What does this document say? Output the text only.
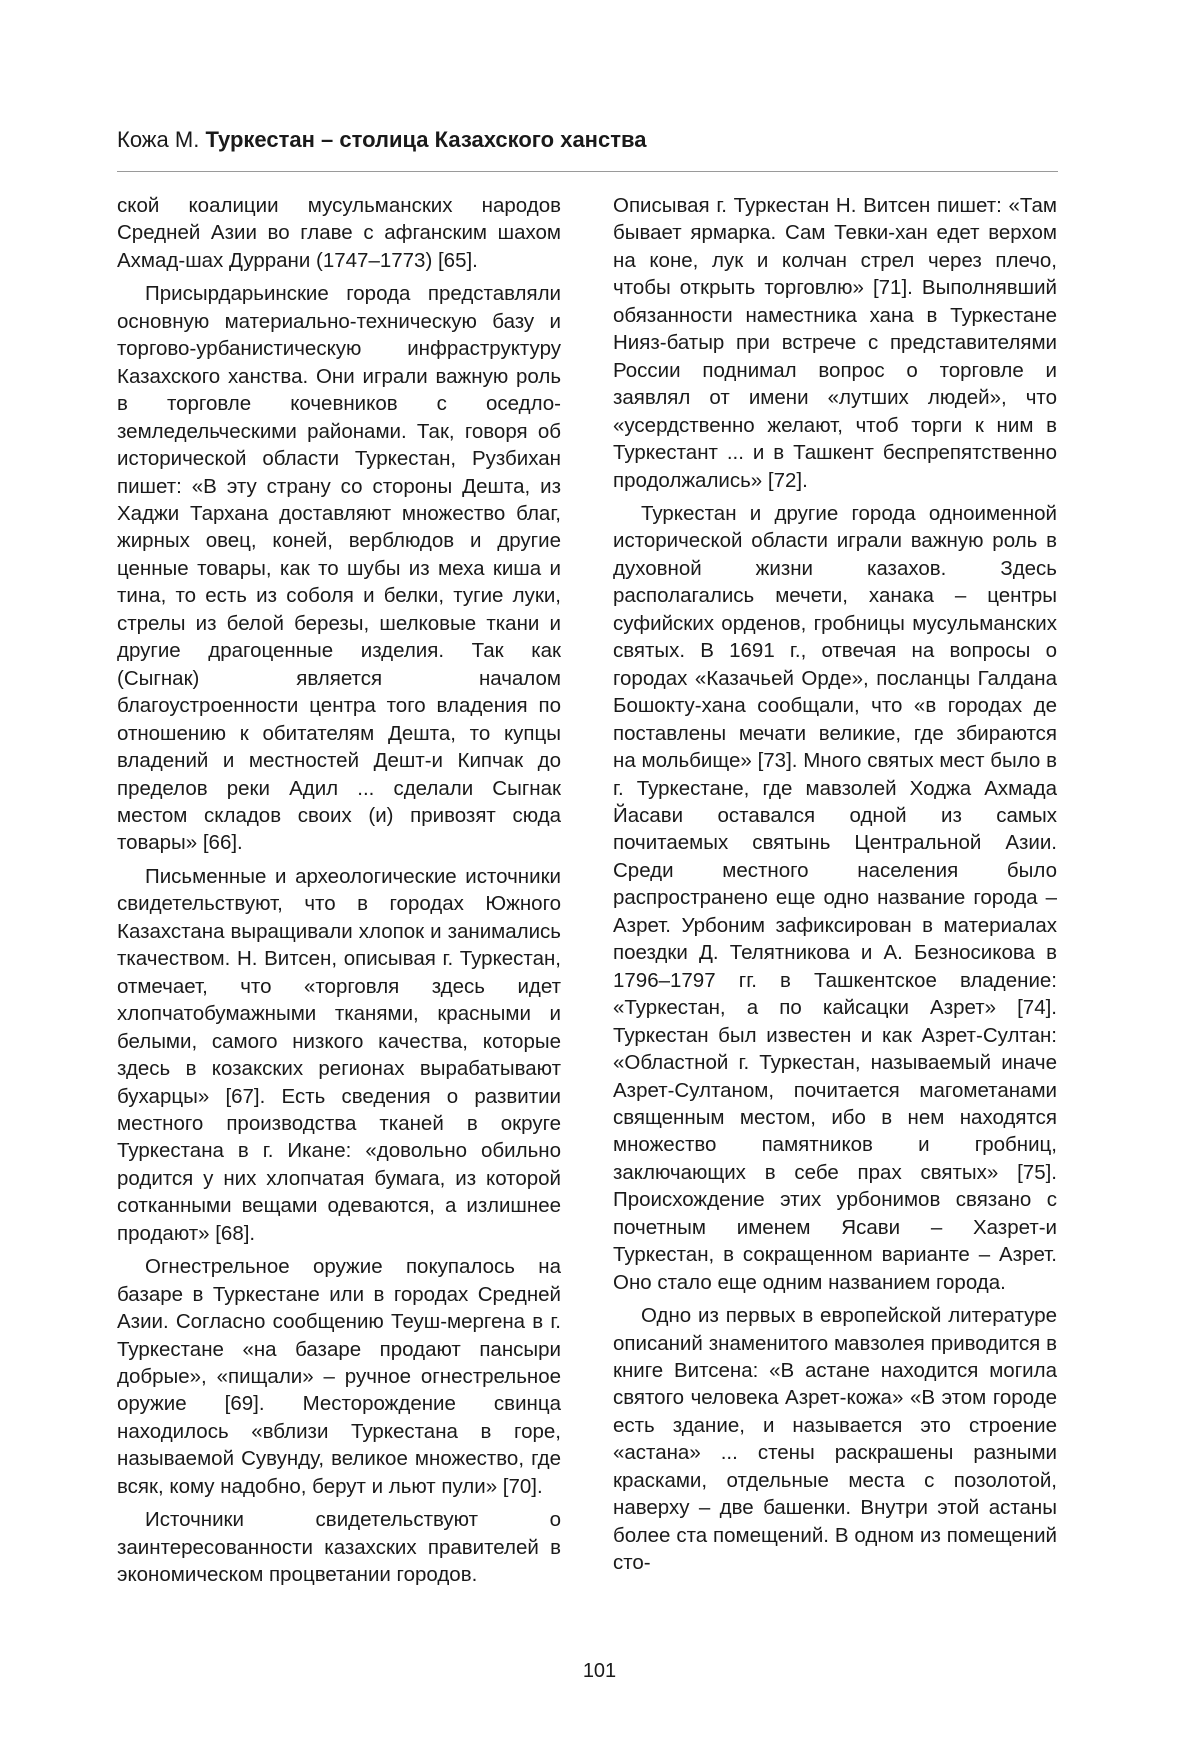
Кожа М. Туркестан – столица Казахского ханства

ской коалиции мусульманских народов Средней Азии во главе с афганским шахом Ахмад-шах Дуррани (1747–1773) [65].

Присырдарьинские города представляли основную материально-техническую базу и торгово-урбанистическую инфраструктуру Казахского ханства. Они играли важную роль в торговле кочевников с оседло-земледельческими районами. Так, говоря об исторической области Туркестан, Рузбихан пишет: «В эту страну со стороны Дешта, из Хаджи Тархана доставляют множество благ, жирных овец, коней, верблюдов и другие ценные товары, как то шубы из меха киша и тина, то есть из соболя и белки, тугие луки, стрелы из белой березы, шелковые ткани и другие драгоценные изделия. Так как (Сыгнак) является началом благоустроенности центра того владения по отношению к обитателям Дешта, то купцы владений и местностей Дешт-и Кипчак до пределов реки Адил ... сделали Сыгнак местом складов своих (и) привозят сюда товары» [66].

Письменные и археологические источники свидетельствуют, что в городах Южного Казахстана выращивали хлопок и занимались ткачеством. Н. Витсен, описывая г. Туркестан, отмечает, что «торговля здесь идет хлопчатобумажными тканями, красными и белыми, самого низкого качества, которые здесь в козакских регионах вырабатывают бухарцы» [67]. Есть сведения о развитии местного производства тканей в округе Туркестана в г. Икане: «довольно обильно родится у них хлопчатая бумага, из которой сотканными вещами одеваются, а излишнее продают» [68].

Огнестрельное оружие покупалось на базаре в Туркестане или в городах Средней Азии. Согласно сообщению Теуш-мергена в г. Туркестане «на базаре продают пансыри добрые», «пищали» – ручное огнестрельное оружие [69]. Месторождение свинца находилось «вблизи Туркестана в горе, называемой Сувунду, великое множество, где всяк, кому надобно, берут и льют пули» [70].

Источники свидетельствуют о заинтересованности казахских правителей в экономическом процветании городов.

Описывая г. Туркестан Н. Витсен пишет: «Там бывает ярмарка. Сам Тевки-хан едет верхом на коне, лук и колчан стрел через плечо, чтобы открыть торговлю» [71]. Выполнявший обязанности наместника хана в Туркестане Нияз-батыр при встрече с представителями России поднимал вопрос о торговле и заявлял от имени «лутших людей», что «усердственно желают, чтоб торги к ним в Туркестант ... и в Ташкент беспрепятственно продолжались» [72].

Туркестан и другие города одноименной исторической области играли важную роль в духовной жизни казахов. Здесь располагались мечети, ханака – центры суфийских орденов, гробницы мусульманских святых. В 1691 г., отвечая на вопросы о городах «Казачьей Орде», посланцы Галдана Бошокту-хана сообщали, что «в городах де поставлены мечати великие, где збираются на мольбище» [73]. Много святых мест было в г. Туркестане, где мавзолей Ходжа Ахмада Йасави оставался одной из самых почитаемых святынь Центральной Азии. Среди местного населения было распространено еще одно название города – Азрет. Урбоним зафиксирован в материалах поездки Д. Телятникова и А. Безносикова в 1796–1797 гг. в Ташкентское владение: «Туркестан, а по кайсацки Азрет» [74]. Туркестан был известен и как Азрет-Султан: «Областной г. Туркестан, называемый иначе Азрет-Султаном, почитается магометанами священным местом, ибо в нем находятся множество памятников и гробниц, заключающих в себе прах святых» [75]. Происхождение этих урбонимов связано с почетным именем Ясави – Хазрет-и Туркестан, в сокращенном варианте – Азрет. Оно стало еще одним названием города.

Одно из первых в европейской литературе описаний знаменитого мавзолея приводится в книге Витсена: «В астане находится могила святого человека Азрет-кожа» «В этом городе есть здание, и называется это строение «астана» ... стены раскрашены разными красками, отдельные места с позолотой, наверху – две башенки. Внутри этой астаны более ста помещений. В одном из помещений сто-

101
